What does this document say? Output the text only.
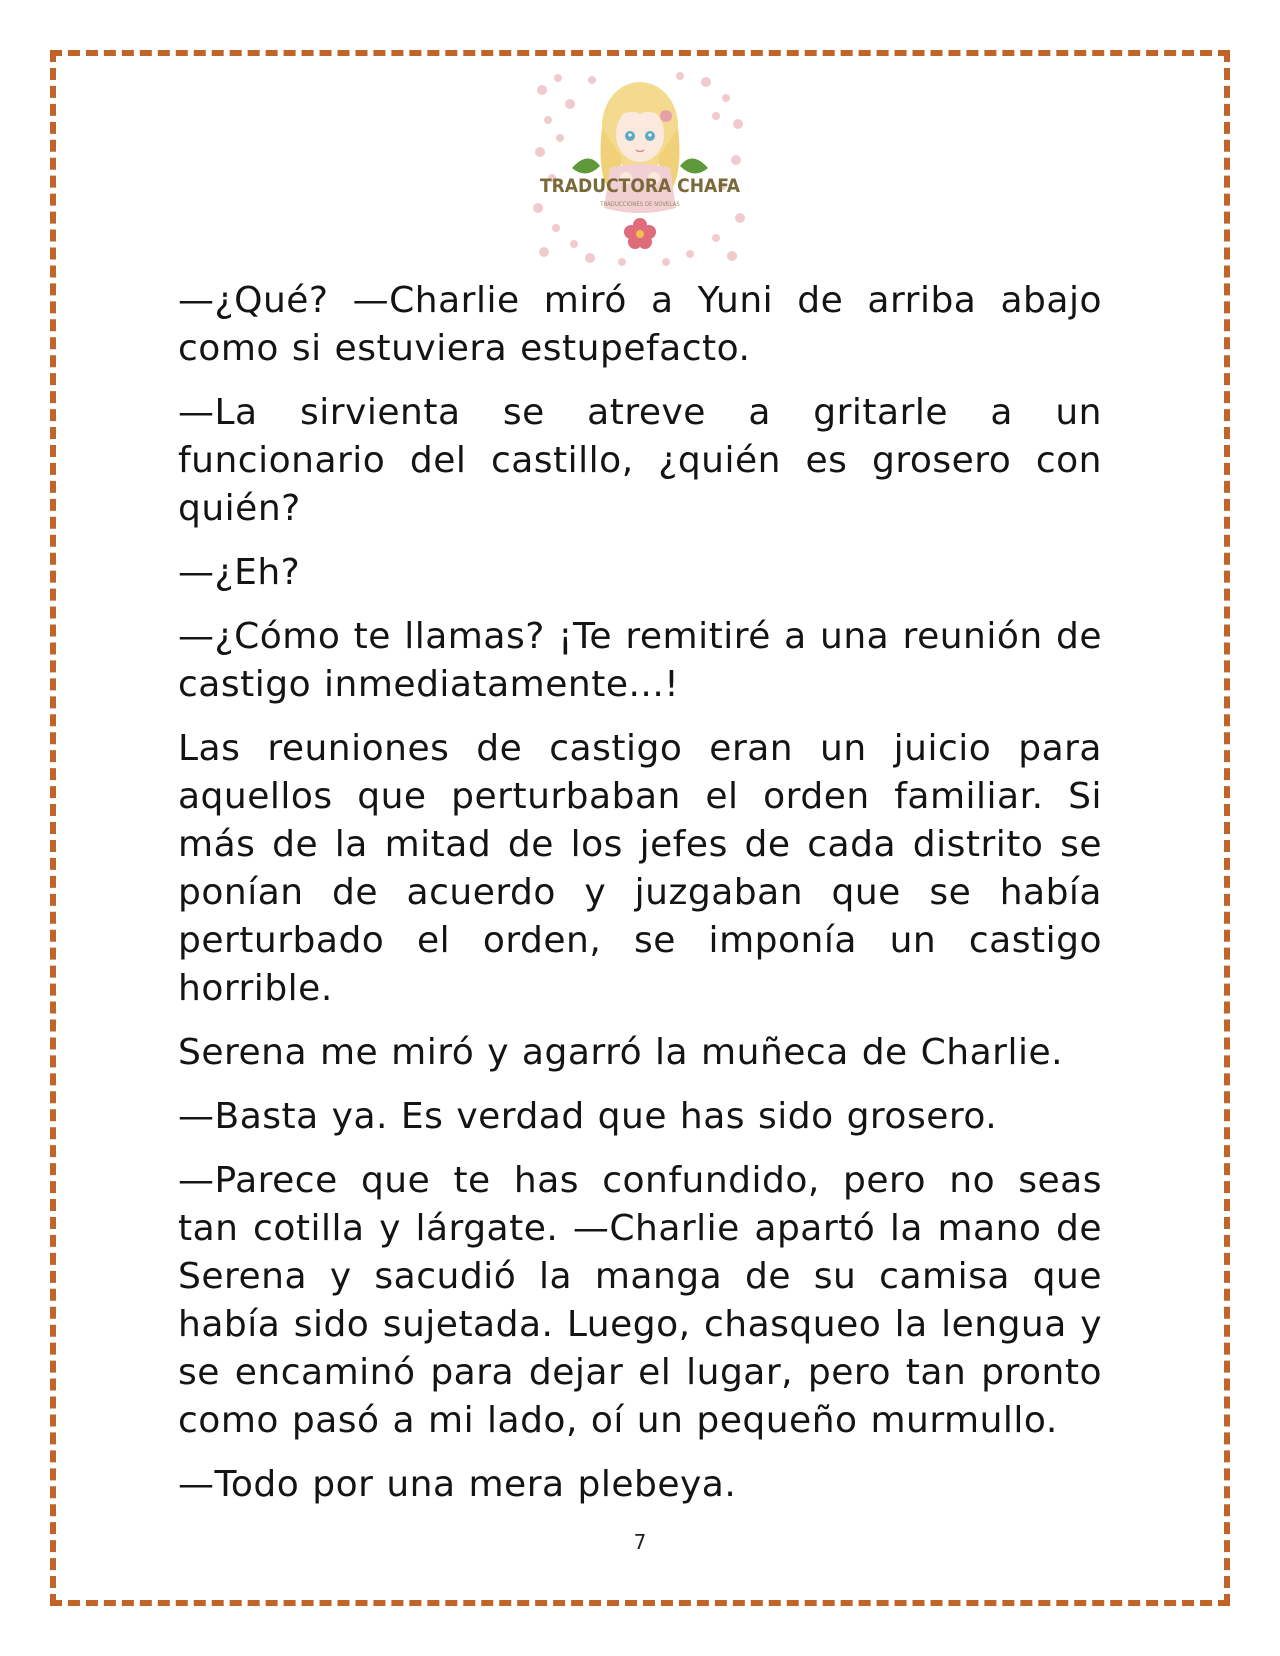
TRADUCTORA CHAFA
TRADUCCIONES DE NOVELAS

—¿Qué? —Charlie miró a Yuni de arriba abajo como si estuviera estupefacto.

—La sirvienta se atreve a gritarle a un funcionario del castillo, ¿quién es grosero con quién?

—¿Eh?

—¿Cómo te llamas? ¡Te remitiré a una reunión de castigo inmediatamente...!

Las reuniones de castigo eran un juicio para aquellos que perturbaban el orden familiar. Si más de la mitad de los jefes de cada distrito se ponían de acuerdo y juzgaban que se había perturbado el orden, se imponía un castigo horrible.

Serena me miró y agarró la muñeca de Charlie.

—Basta ya. Es verdad que has sido grosero.

—Parece que te has confundido, pero no seas tan cotilla y lárgate. —Charlie apartó la mano de Serena y sacudió la manga de su camisa que había sido sujetada. Luego, chasqueo la lengua y se encaminó para dejar el lugar, pero tan pronto como pasó a mi lado, oí un pequeño murmullo.

—Todo por una mera plebeya.

7
